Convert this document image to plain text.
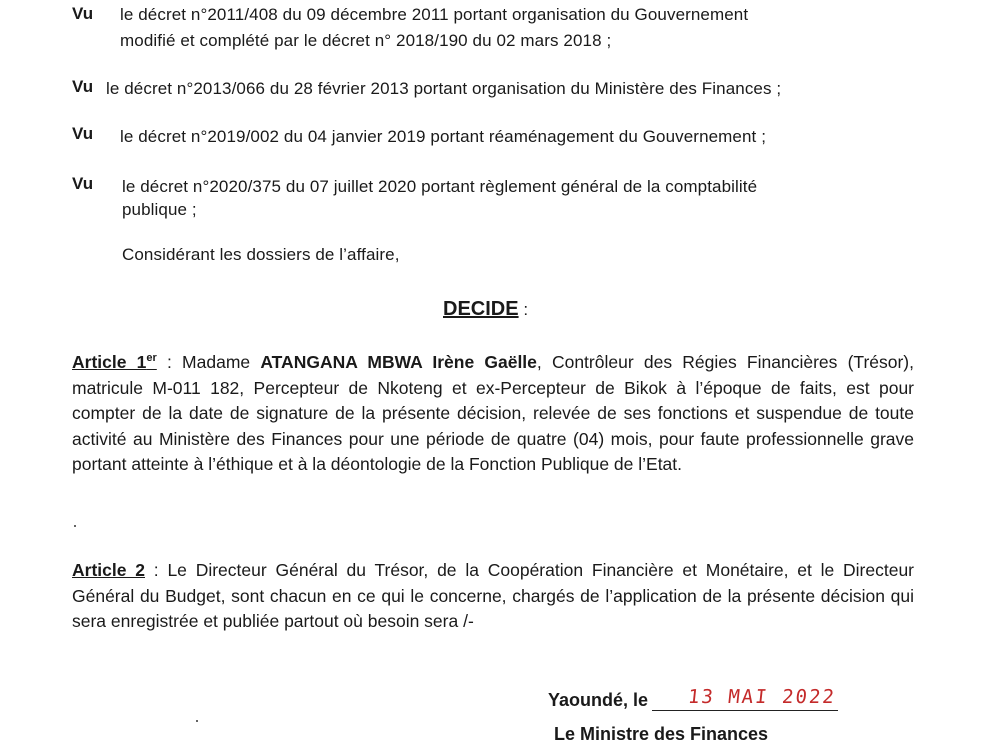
Vu le décret n°2011/408 du 09 décembre 2011 portant organisation du Gouvernement
modifié et complété par le décret n° 2018/190 du 02 mars 2018 ;
Vu le décret n°2013/066 du 28 février 2013 portant organisation du Ministère des Finances ;
Vu le décret n°2019/002 du 04 janvier 2019 portant réaménagement du Gouvernement ;
Vu le décret n°2020/375 du 07 juillet 2020 portant règlement général de la comptabilité
publique ;
Considérant les dossiers de l’affaire,
DECIDE :
Article 1er : Madame ATANGANA MBWA Irène Gaëlle, Contrôleur des Régies Financières (Trésor), matricule M-011 182, Percepteur de Nkoteng et ex-Percepteur de Bikok à l’époque de faits, est pour compter de la date de signature de la présente décision, relevée de ses fonctions et suspendue de toute activité au Ministère des Finances pour une période de quatre (04) mois, pour faute professionnelle grave portant atteinte à l’éthique et à la déontologie de la Fonction Publique de l’Etat.
Article 2 : Le Directeur Général du Trésor, de la Coopération Financière et Monétaire, et le Directeur Général du Budget, sont chacun en ce qui le concerne, chargés de l’application de la présente décision qui sera enregistrée et publiée partout où besoin sera /-
Yaoundé, le 13 MAI 2022
Le Ministre des Finances
